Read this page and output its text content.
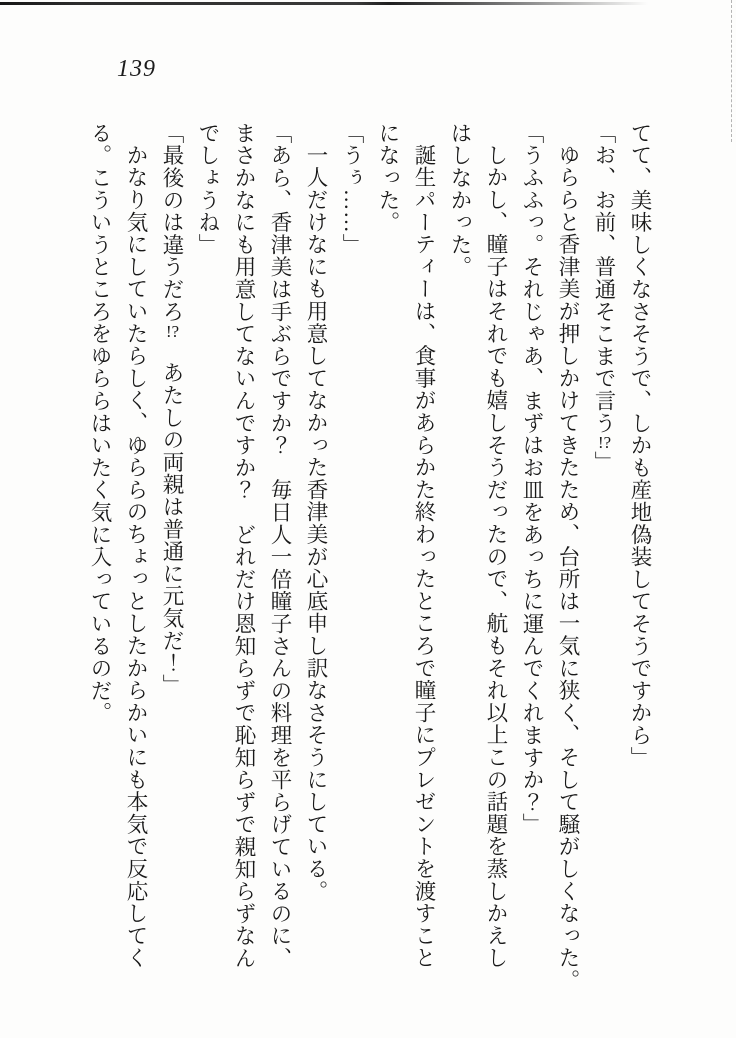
139

てて、美味しくなさそうで、しかも産地偽装してそうですから」

「お、お前、普通そこまで言う!?」

ゆららと香津美が押しかけてきたため、台所は一気に狭く、そして騒がしくなった。

「うふふっ。それじゃあ、まずはお皿をあっちに運んでくれますか？」

しかし、瞳子はそれでも嬉しそうだったので、航もそれ以上この話題を蒸しかえし

はしなかった。

誕生パーティーは、食事があらかた終わったところで瞳子にプレゼントを渡すこと

になった。

「うぅ……」

一人だけなにも用意してなかった香津美が心底申し訳なさそうにしている。

「あら、香津美は手ぶらですか？　毎日人一倍瞳子さんの料理を平らげているのに、

まさかなにも用意してないんですか？　どれだけ恩知らずで恥知らずで親知らずなん

でしょうね」

「最後のは違うだろ!?　あたしの両親は普通に元気だ！」

かなり気にしていたらしく、ゆららのちょっとしたからかいにも本気で反応してく

る。こういうところをゆららはいたく気に入っているのだ。
